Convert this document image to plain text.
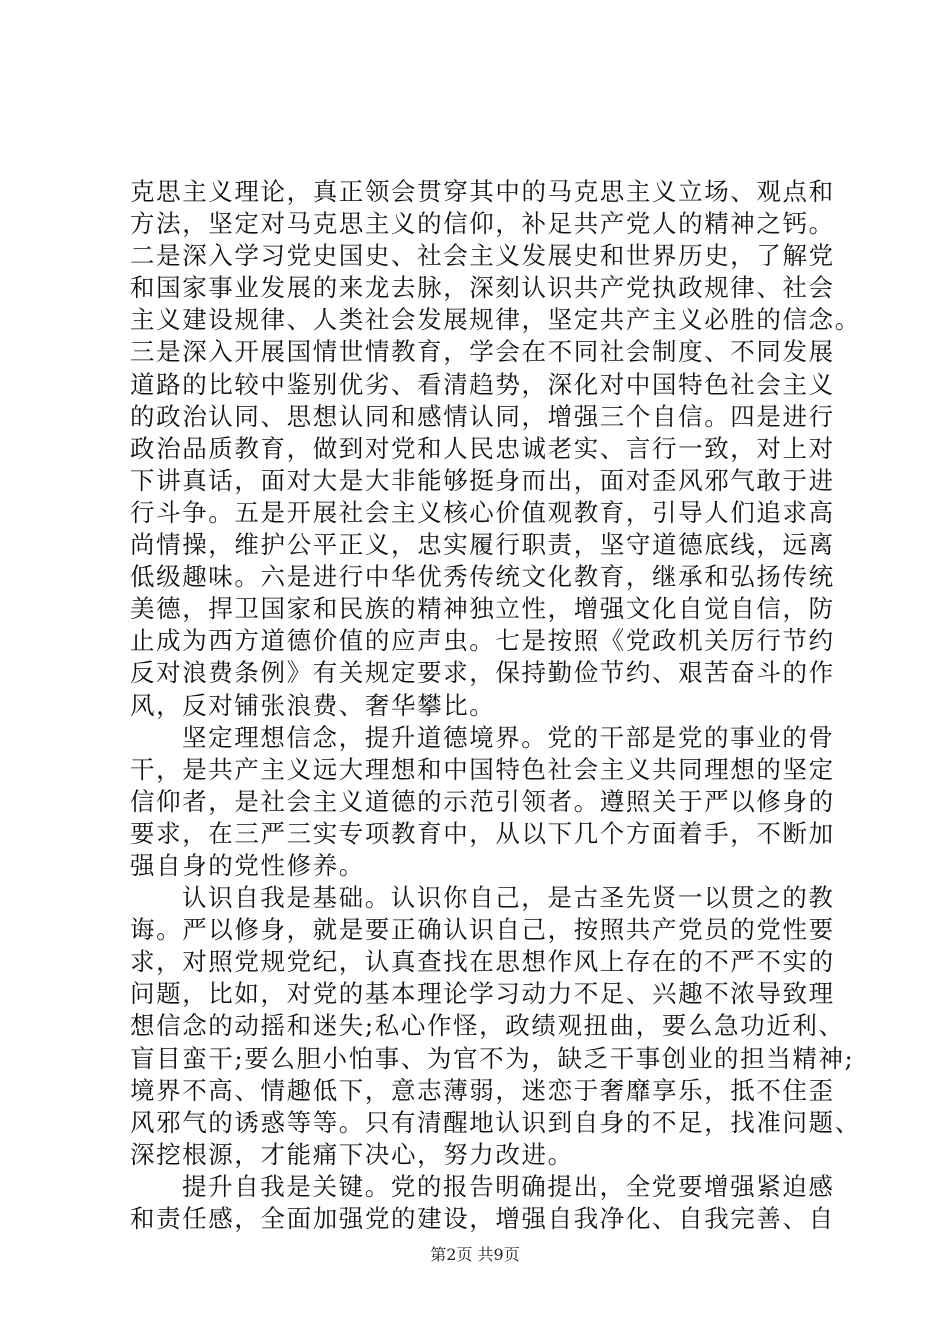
克思主义理论，真正领会贯穿其中的马克思主义立场、观点和
方法，坚定对马克思主义的信仰，补足共产党人的精神之钙。
二是深入学习党史国史、社会主义发展史和世界历史，了解党
和国家事业发展的来龙去脉，深刻认识共产党执政规律、社会
主义建设规律、人类社会发展规律，坚定共产主义必胜的信念。
三是深入开展国情世情教育，学会在不同社会制度、不同发展
道路的比较中鉴别优劣、看清趋势，深化对中国特色社会主义
的政治认同、思想认同和感情认同，增强三个自信。四是进行
政治品质教育，做到对党和人民忠诚老实、言行一致，对上对
下讲真话，面对大是大非能够挺身而出，面对歪风邪气敢于进
行斗争。五是开展社会主义核心价值观教育，引导人们追求高
尚情操，维护公平正义，忠实履行职责，坚守道德底线，远离
低级趣味。六是进行中华优秀传统文化教育，继承和弘扬传统
美德，捍卫国家和民族的精神独立性，增强文化自觉自信，防
止成为西方道德价值的应声虫。七是按照《党政机关厉行节约
反对浪费条例》有关规定要求，保持勤俭节约、艰苦奋斗的作
风，反对铺张浪费、奢华攀比。
坚定理想信念，提升道德境界。党的干部是党的事业的骨
干，是共产主义远大理想和中国特色社会主义共同理想的坚定
信仰者，是社会主义道德的示范引领者。遵照关于严以修身的
要求，在三严三实专项教育中，从以下几个方面着手，不断加
强自身的党性修养。
认识自我是基础。认识你自己，是古圣先贤一以贯之的教
诲。严以修身，就是要正确认识自己，按照共产党员的党性要
求，对照党规党纪，认真查找在思想作风上存在的不严不实的
问题，比如，对党的基本理论学习动力不足、兴趣不浓导致理
想信念的动摇和迷失;私心作怪，政绩观扭曲，要么急功近利、
盲目蛮干;要么胆小怕事、为官不为，缺乏干事创业的担当精神;
境界不高、情趣低下，意志薄弱，迷恋于奢靡享乐，抵不住歪
风邪气的诱惑等等。只有清醒地认识到自身的不足，找准问题、
深挖根源，才能痛下决心，努力改进。
提升自我是关键。党的报告明确提出，全党要增强紧迫感
和责任感，全面加强党的建设，增强自我净化、自我完善、自
第2页 共9页
